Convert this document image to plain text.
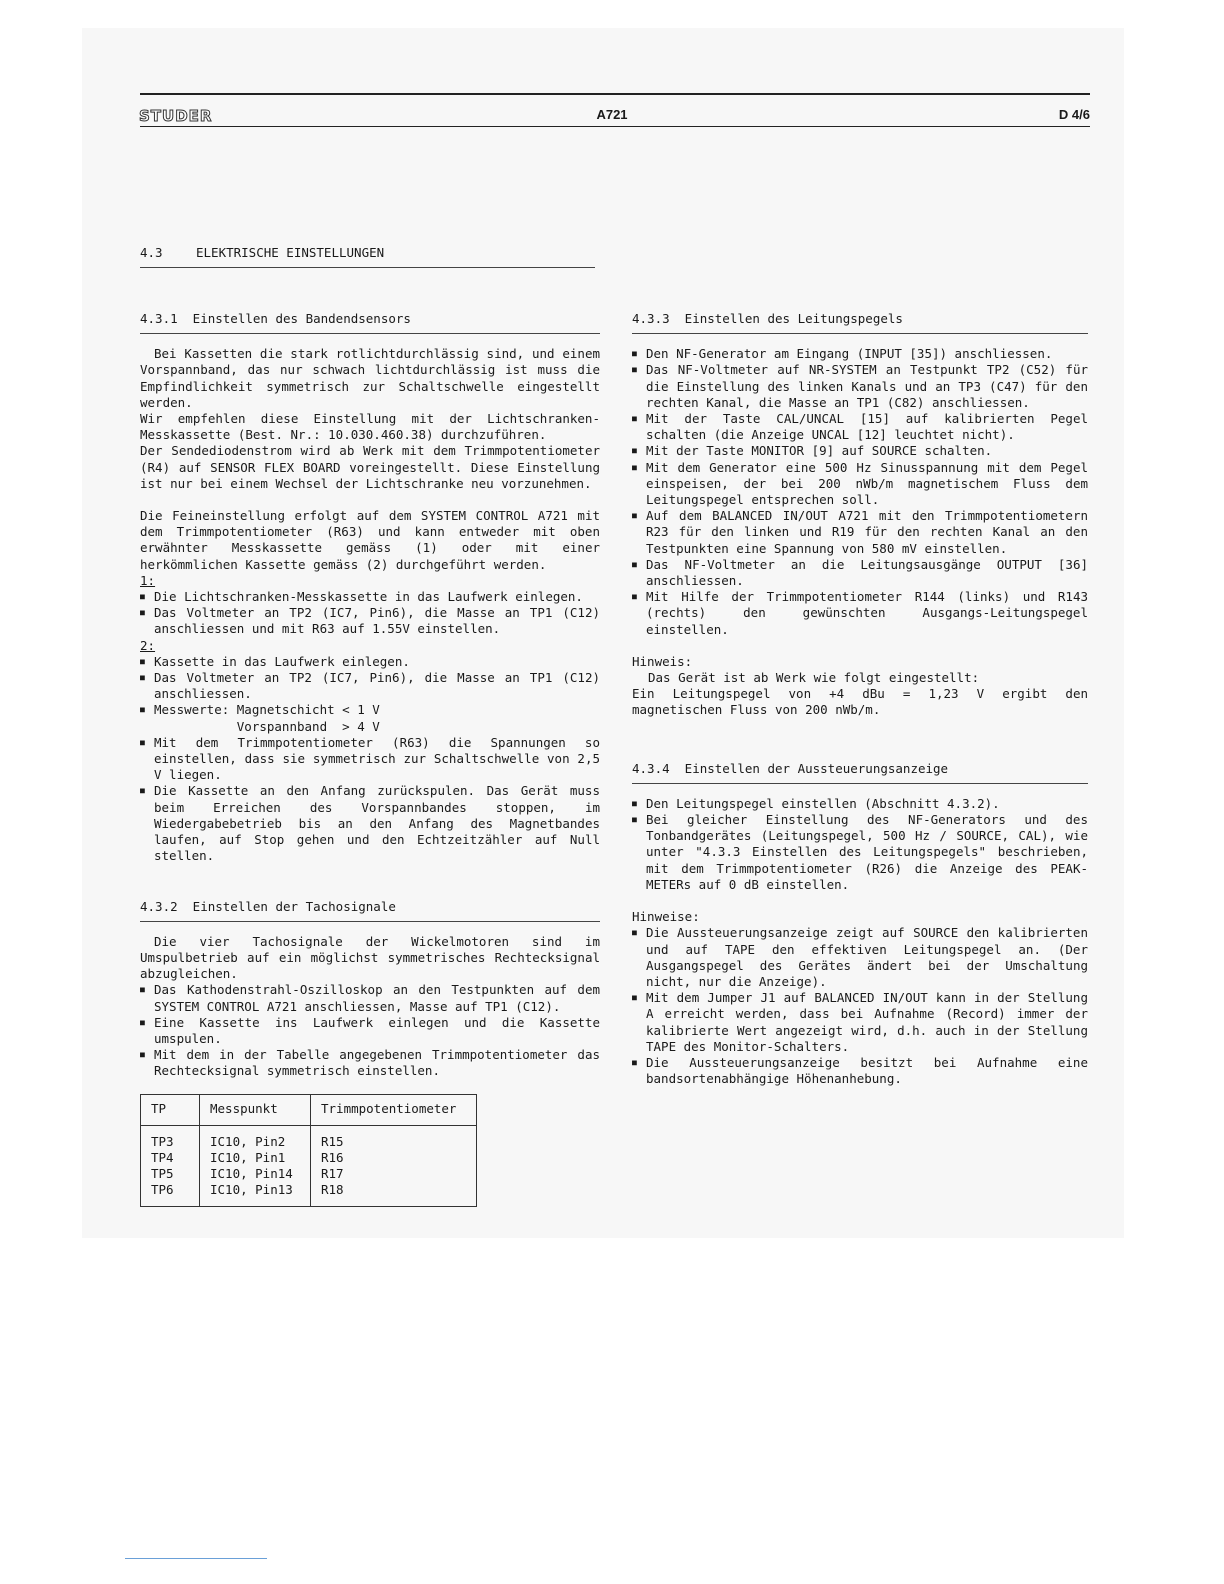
STUDER	A721	D 4/6
4.3	ELEKTRISCHE EINSTELLUNGEN
4.3.1  Einstellen des Bandendsensors

Bei Kassetten die stark rotlichtdurchlässig sind, und einem Vorspannband, das nur schwach lichtdurchlässig ist muss die Empfindlichkeit symmetrisch zur Schaltschwelle eingestellt werden.

Wir empfehlen diese Einstellung mit der Lichtschranken-Messkassette (Best. Nr.: 10.030.460.38) durchzuführen.

Der Sendediodenstrom wird ab Werk mit dem Trimmpotentiometer (R4) auf SENSOR FLEX BOARD voreingestellt. Diese Einstellung ist nur bei einem Wechsel der Lichtschranke neu vorzunehmen.

Die Feineinstellung erfolgt auf dem SYSTEM CONTROL A721 mit dem Trimmpotentiometer (R63) und kann entweder mit oben erwähnter Messkassette gemäss (1) oder mit einer herkömmlichen Kassette gemäss (2) durchgeführt werden.

1:
■ Die Lichtschranken-Messkassette in das Laufwerk einlegen.
■ Das Voltmeter an TP2 (IC7, Pin6), die Masse an TP1 (C12) anschliessen und mit R63 auf 1.55V einstellen.
2:
■ Kassette in das Laufwerk einlegen.
■ Das Voltmeter an TP2 (IC7, Pin6), die Masse an TP1 (C12) anschliessen.
■ Messwerte: Magnetschicht < 1 V
Vorspannband  > 4 V
■ Mit dem Trimmpotentiometer (R63) die Spannungen so einstellen, dass sie symmetrisch zur Schaltschwelle von 2,5 V liegen.
■ Die Kassette an den Anfang zurückspulen. Das Gerät muss beim Erreichen des Vorspannbandes stoppen, im Wiedergabebetrieb bis an den Anfang des Magnetbandes laufen, auf Stop gehen und den Echtzeitzähler auf Null stellen.
4.3.2  Einstellen der Tachosignale

Die vier Tachosignale der Wickelmotoren sind im Umspulbetrieb auf ein möglichst symmetrisches Rechtecksignal abzugleichen.

■ Das Kathodenstrahl-Oszilloskop an den Testpunkten auf dem SYSTEM CONTROL A721 anschliessen, Masse auf TP1 (C12).
■ Eine Kassette ins Laufwerk einlegen und die Kassette umspulen.
■ Mit dem in der Tabelle angegebenen Trimmpotentiometer das Rechtecksignal symmetrisch einstellen.
TP	Messpunkt	Trimmpotentiometer
TP3	IC10, Pin2	R15
TP4	IC10, Pin1	R16
TP5	IC10, Pin14	R17
TP6	IC10, Pin13	R18
4.3.3  Einstellen des Leitungspegels
■ Den NF-Generator am Eingang (INPUT [35]) anschliessen.
■ Das NF-Voltmeter auf NR-SYSTEM an Testpunkt TP2 (C52) für die Einstellung des linken Kanals und an TP3 (C47) für den rechten Kanal, die Masse an TP1 (C82) anschliessen.
■ Mit der Taste CAL/UNCAL [15] auf kalibrierten Pegel schalten (die Anzeige UNCAL [12] leuchtet nicht).
■ Mit der Taste MONITOR [9] auf SOURCE schalten.
■ Mit dem Generator eine 500 Hz Sinusspannung mit dem Pegel einspeisen, der bei 200 nWb/m magnetischem Fluss dem Leitungspegel entsprechen soll.
■ Auf dem BALANCED IN/OUT A721 mit den Trimmpotentiometern R23 für den linken und R19 für den rechten Kanal an den Testpunkten eine Spannung von 580 mV einstellen.
■ Das NF-Voltmeter an die Leitungsausgänge OUTPUT [36] anschliessen.
■ Mit Hilfe der Trimmpotentiometer R144 (links) und R143 (rechts) den gewünschten Ausgangs-Leitungspegel einstellen.
Hinweis:
Das Gerät ist ab Werk wie folgt eingestellt:

Ein Leitungspegel von +4 dBu = 1,23 V ergibt den magnetischen Fluss von 200 nWb/m.

4.3.4  Einstellen der Aussteuerungsanzeige
■ Den Leitungspegel einstellen (Abschnitt 4.3.2).
■ Bei gleicher Einstellung des NF-Generators und des Tonbandgerätes (Leitungspegel, 500 Hz / SOURCE, CAL), wie unter "4.3.3 Einstellen des Leitungspegels" beschrieben, mit dem Trimmpotentiometer (R26) die Anzeige des PEAK-METERs auf 0 dB einstellen.
Hinweise:
■ Die Aussteuerungsanzeige zeigt auf SOURCE den kalibrierten und auf TAPE den effektiven Leitungspegel an. (Der Ausgangspegel des Gerätes ändert bei der Umschaltung nicht, nur die Anzeige).
■ Mit dem Jumper J1 auf BALANCED IN/OUT kann in der Stellung A erreicht werden, dass bei Aufnahme (Record) immer der kalibrierte Wert angezeigt wird, d.h. auch in der Stellung TAPE des Monitor-Schalters.
■ Die Aussteuerungsanzeige besitzt bei Aufnahme eine bandsortenabhängige Höhenanhebung.
